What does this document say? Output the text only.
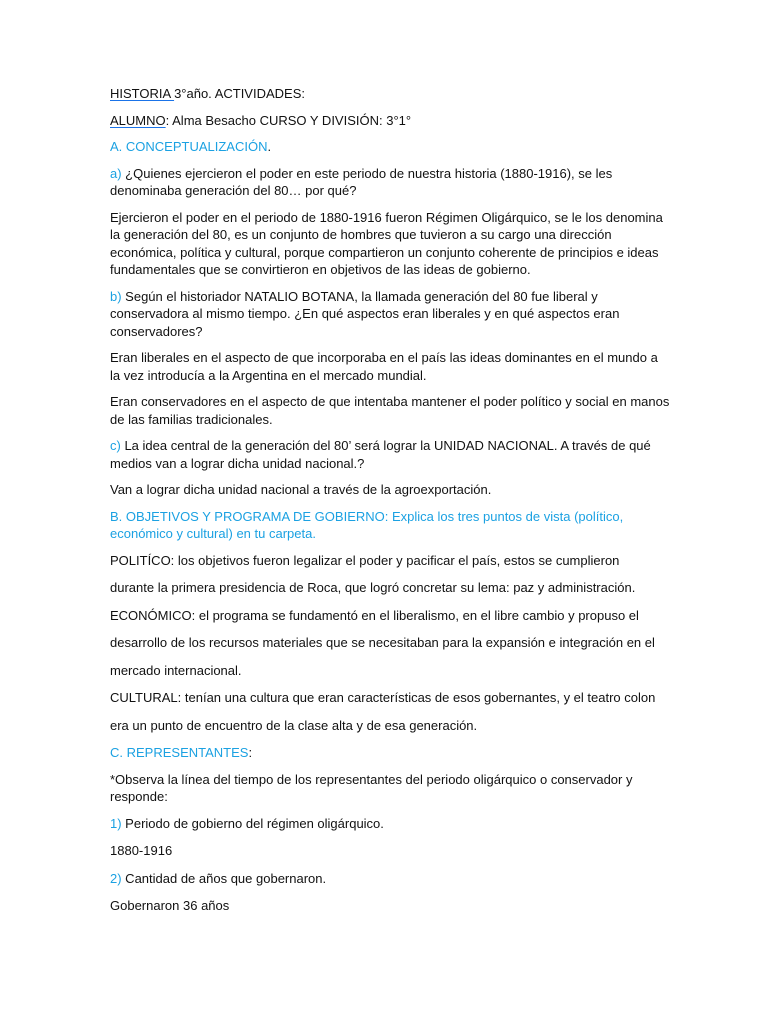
HISTORIA 3°año. ACTIVIDADES:

ALUMNO: Alma Besacho CURSO Y DIVISIÓN: 3°1°

A. CONCEPTUALIZACIÓN.

a) ¿Quienes ejercieron el poder en este periodo de nuestra historia (1880-1916), se les denominaba generación del 80… por qué?

Ejercieron el poder en el periodo de 1880-1916 fueron Régimen Oligárquico, se le los denomina la generación del 80, es un conjunto de hombres que tuvieron a su cargo una dirección económica, política y cultural, porque compartieron un conjunto coherente de principios e ideas fundamentales que se convirtieron en objetivos de las ideas de gobierno.

b) Según el historiador NATALIO BOTANA, la llamada generación del 80 fue liberal y conservadora al mismo tiempo. ¿En qué aspectos eran liberales y en qué aspectos eran conservadores?

Eran liberales en el aspecto de que incorporaba en el país las ideas dominantes en el mundo a la vez introducía a la Argentina en el mercado mundial.

Eran conservadores en el aspecto de que intentaba mantener el poder político y social en manos de las familias tradicionales.

c) La idea central de la generación del 80’ será lograr la UNIDAD NACIONAL. A través de qué medios van a lograr dicha unidad nacional.?

Van a lograr dicha unidad nacional a través de la agroexportación.

B. OBJETIVOS Y PROGRAMA DE GOBIERNO: Explica los tres puntos de vista (político, económico y cultural) en tu carpeta.

POLITÍCO: los objetivos fueron legalizar el poder y pacificar el país, estos se cumplieron

durante la primera presidencia de Roca, que logró concretar su lema: paz y administración.

ECONÓMICO: el programa se fundamentó en el liberalismo, en el libre cambio y propuso el

desarrollo de los recursos materiales que se necesitaban para la expansión e integración en el

mercado internacional.

CULTURAL: tenían una cultura que eran características de esos gobernantes, y el teatro colon

era un punto de encuentro de la clase alta y de esa generación.

C. REPRESENTANTES:

*Observa la línea del tiempo de los representantes del periodo oligárquico o conservador y responde:

1) Periodo de gobierno del régimen oligárquico.

1880-1916

2) Cantidad de años que gobernaron.

Gobernaron 36 años
